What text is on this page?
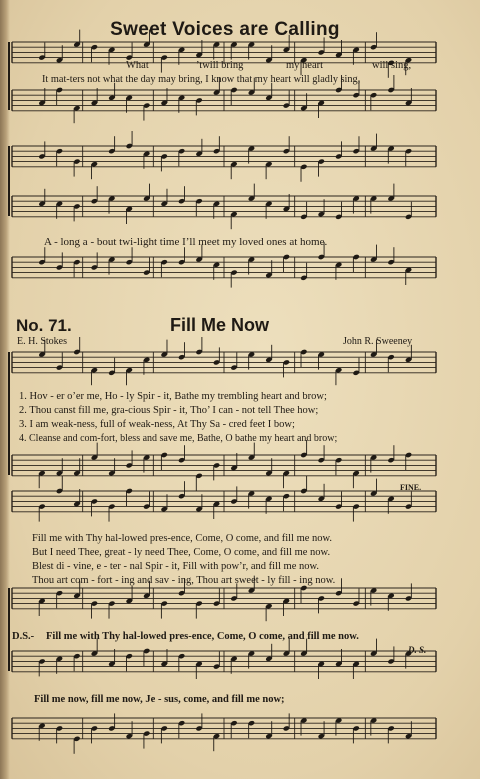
Sweet Voices are Calling
What	’twill bring	my heart	will sing,
It mat-ters not what the day may bring, I know that my heart will gladly sing,
A - long a - bout twi-light time I’ll meet my loved ones at home.
No. 71.	Fill Me Now
E. H. Stokes	John R. Sweeney
1. Hov - er o’er me, Ho - ly Spir - it, Bathe my trembling heart and brow;
2. Thou canst fill me, gra-cious Spir - it, Tho’ I can - not tell Thee how;
3. I am weak-ness, full of weak-ness, At Thy Sa - cred feet I bow;
4. Cleanse and com-fort, bless and save me, Bathe, O bathe my heart and brow;
FINE.
Fill me with Thy hal-lowed pres-ence, Come, O come, and fill me now.
But I need Thee, great - ly need Thee, Come, O come, and fill me now.
Blest di - vine, e - ter - nal Spir - it, Fill with pow’r, and fill me now.
Thou art com - fort - ing and sav - ing, Thou art sweet - ly fill - ing now.
D.S.- Fill me with Thy hal-lowed pres-ence, Come, O come, and fill me now.
D. S.
Fill me now, fill me now, Je - sus, come, and fill me now;
